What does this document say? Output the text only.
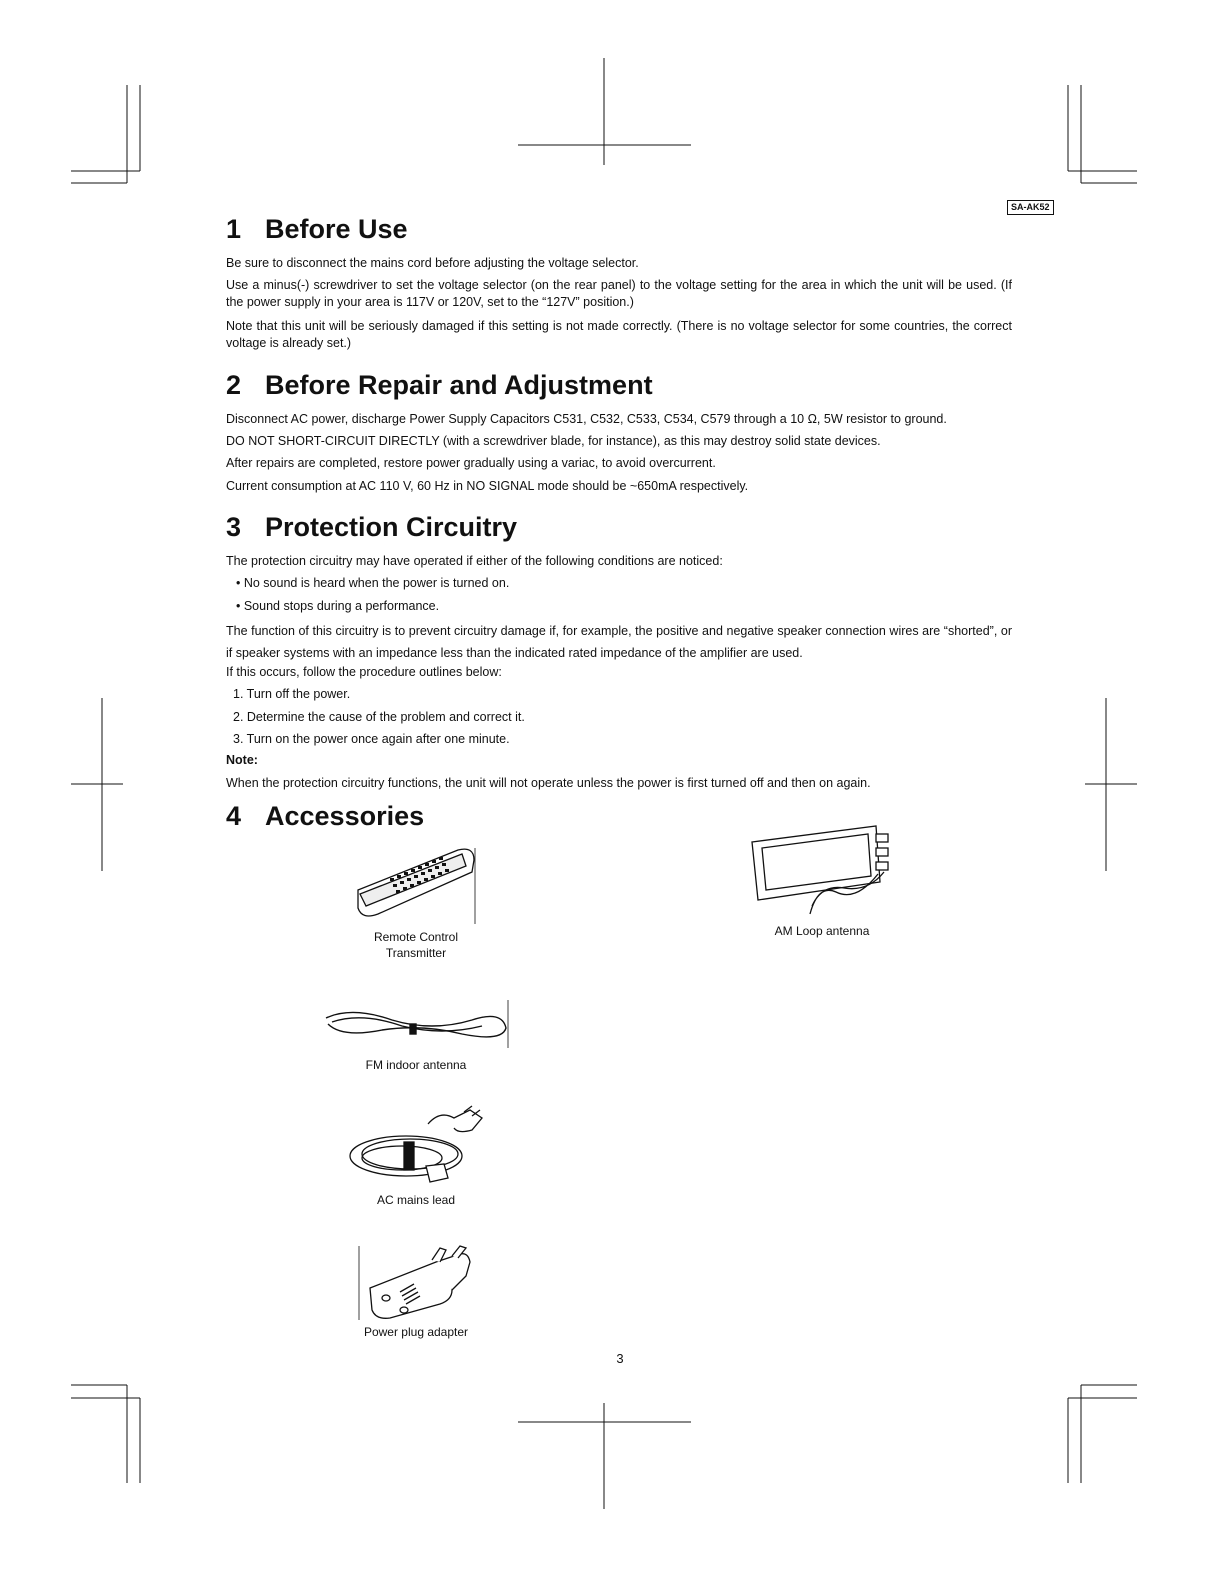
SA-AK52
1 Before Use

Be sure to disconnect the mains cord before adjusting the voltage selector.

Use a minus(-) screwdriver to set the voltage selector (on the rear panel) to the voltage setting for the area in which the unit will be used. (If the power supply in your area is 117V or 120V, set to the “127V” position.)

Note that this unit will be seriously damaged if this setting is not made correctly. (There is no voltage selector for some countries, the correct voltage is already set.)

2 Before Repair and Adjustment

Disconnect AC power, discharge Power Supply Capacitors C531, C532, C533, C534, C579 through a 10 Ω, 5W resistor to ground.

DO NOT SHORT-CIRCUIT DIRECTLY (with a screwdriver blade, for instance), as this may destroy solid state devices.

After repairs are completed, restore power gradually using a variac, to avoid overcurrent.

Current consumption at AC 110 V, 60 Hz in NO SIGNAL mode should be ~650mA respectively.

3 Protection Circuitry

The protection circuitry may have operated if either of the following conditions are noticed:

• No sound is heard when the power is turned on.

• Sound stops during a performance.

The function of this circuitry is to prevent circuitry damage if, for example, the positive and negative speaker connection wires are “shorted”, or if speaker systems with an impedance less than the indicated rated impedance of the amplifier are used.

If this occurs, follow the procedure outlines below:

1. Turn off the power.

2. Determine the cause of the problem and correct it.

3. Turn on the power once again after one minute.

Note:

When the protection circuitry functions, the unit will not operate unless the power is first turned off and then on again.

4 Accessories
Remote Control Transmitter
AM Loop antenna
FM indoor antenna
AC mains lead
Power plug adapter
3
